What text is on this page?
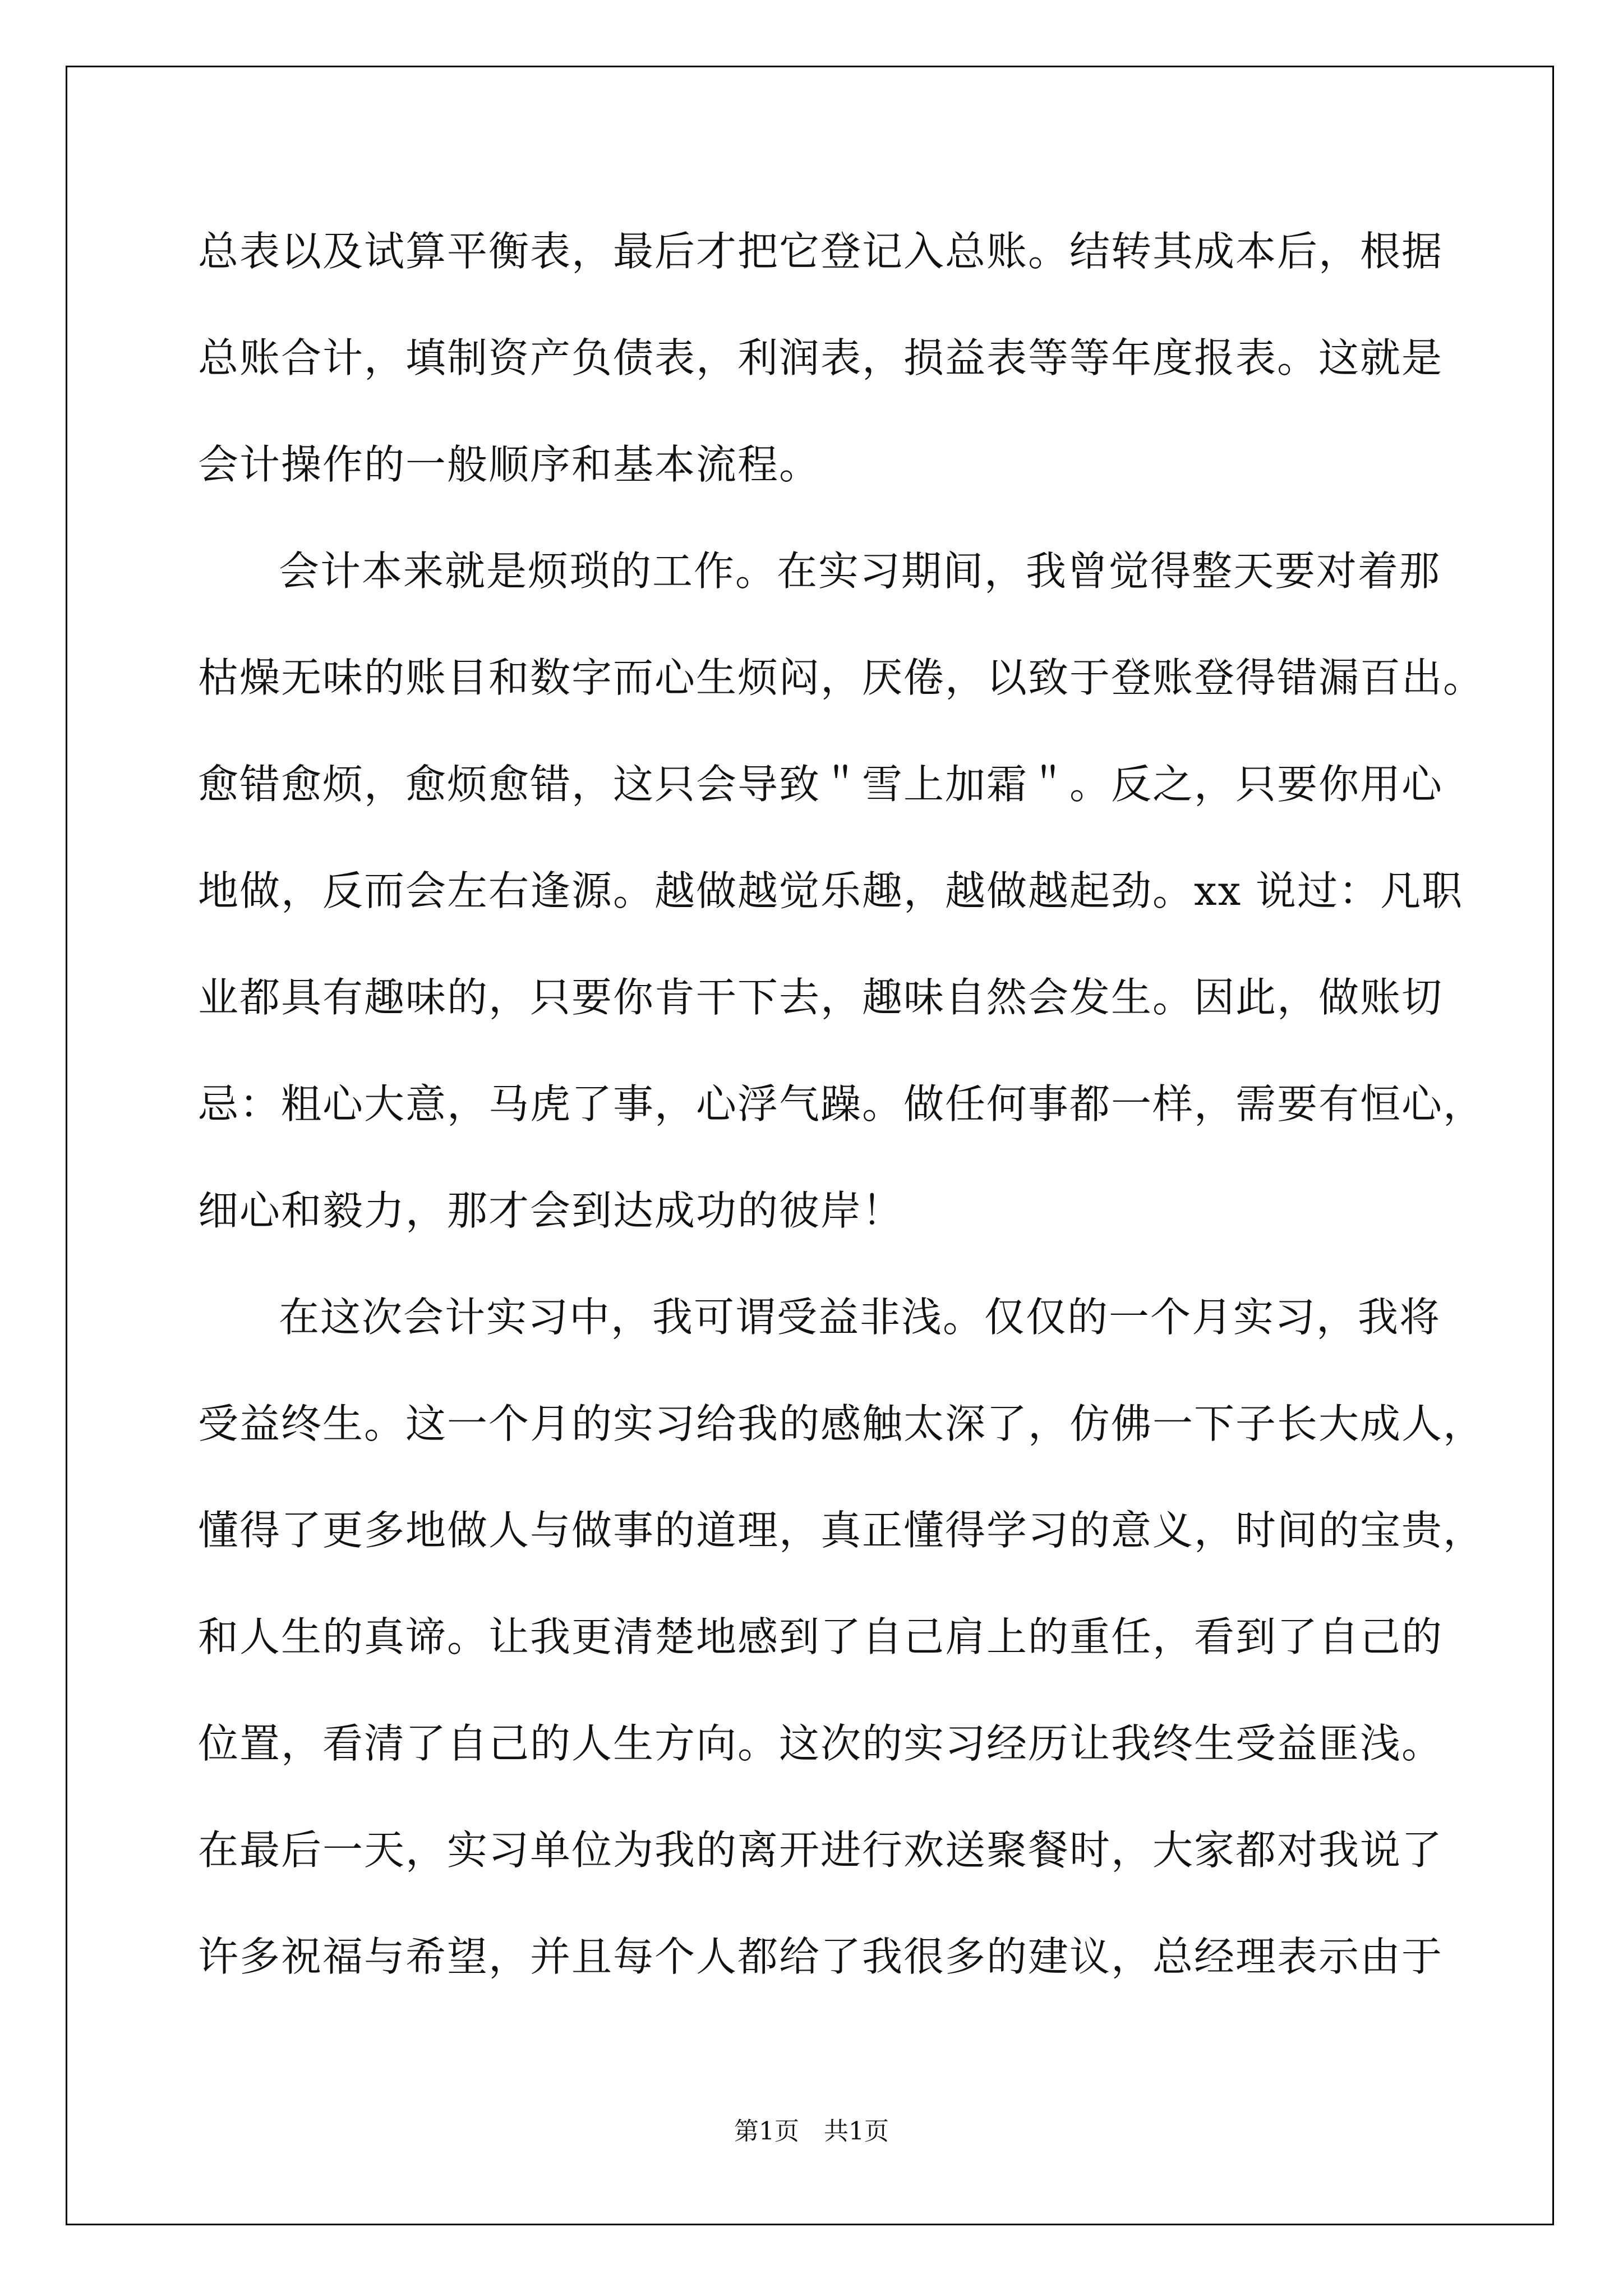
总表以及试算平衡表，最后才把它登记入总账。结转其成本后，根据
总账合计，填制资产负债表，利润表，损益表等等年度报表。这就是
会计操作的一般顺序和基本流程。
会计本来就是烦琐的工作。在实习期间，我曾觉得整天要对着那
枯燥无味的账目和数字而心生烦闷，厌倦，以致于登账登得错漏百出。
愈错愈烦，愈烦愈错，这只会导致＂雪上加霜＂。反之，只要你用心
地做，反而会左右逢源。越做越觉乐趣，越做越起劲。xx 说过：凡职
业都具有趣味的，只要你肯干下去，趣味自然会发生。因此，做账切
忌：粗心大意，马虎了事，心浮气躁。做任何事都一样，需要有恒心，
细心和毅力，那才会到达成功的彼岸！
在这次会计实习中，我可谓受益非浅。仅仅的一个月实习，我将
受益终生。这一个月的实习给我的感触太深了，仿佛一下子长大成人，
懂得了更多地做人与做事的道理，真正懂得学习的意义，时间的宝贵，
和人生的真谛。让我更清楚地感到了自己肩上的重任，看到了自己的
位置，看清了自己的人生方向。这次的实习经历让我终生受益匪浅。
在最后一天，实习单位为我的离开进行欢送聚餐时，大家都对我说了
许多祝福与希望，并且每个人都给了我很多的建议，总经理表示由于
第1页　共1页
